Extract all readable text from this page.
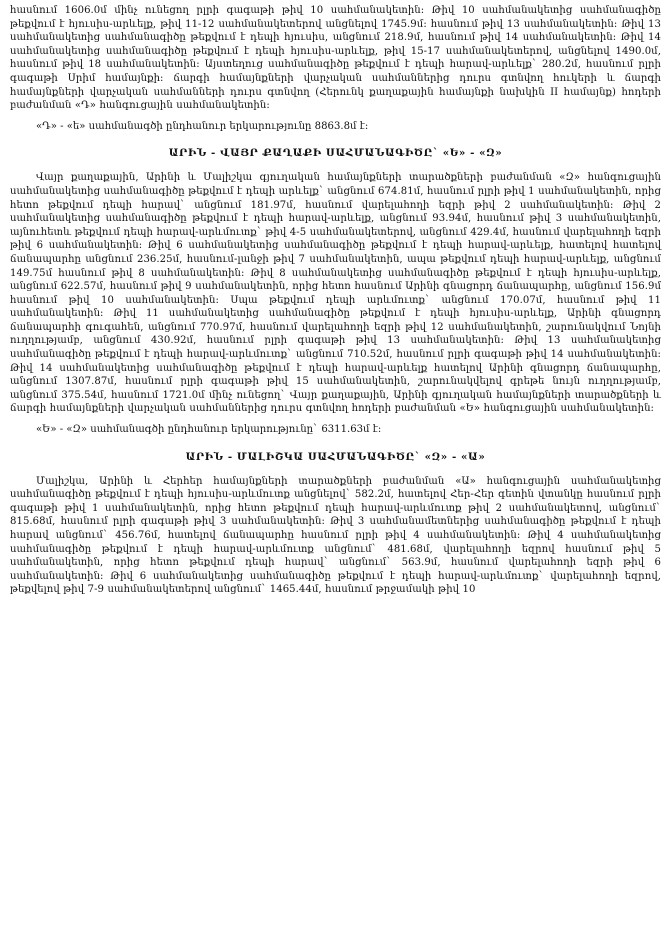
հասնում 1606.0մ մինչ ունեցող րլրի գագաթի թիվ 10 սահմանակետին: Թիվ 10 սահմանակետից սահմանագիծը թեքվում է հյուսիս-արևելք, թիվ 11-12 սահմանակետերով անցնելով 1745.9մ: հասնում թիվ 13 սահմանակետին: Թիվ 13 սահմանակետից սահմանագիծը թեքվում է դեպի հյուսիս, անցնում 218.9մ, հասնում թիվ 14 սահմանակետին: Թիվ 14 սահմանակետից սահմանագիծը թեքվում է դեպի հյուսիս-արևելք, թիվ 15-17 սահմանակետերով, անցնելով 1490.0մ, հասնում թիվ 18 սահմանակետին: Այստեղուց սահմանագիծը թեքվում է դեպի հարավ-արևելք` 280.2մ, հասնում րլրի գագաթի Սրիմ համայնքի: ճարգի համայնքների վարչական սահմաններից դուրս գտնվող հուկերի և ճարգի համայնքների վարչական սահմանների դուրս գտնվող (Հերունկ քաղաքային համայնքի նախկին II համայնք) հոդերի բաժանման «Դ» հանգուցային սահմանակետին:

«Դ» - «ե» սահմանագծի ընդհանուր երկարությունը 8863.8մ է:

ԱՐԻՆ - ՎԱՅՐ ՔԱՂԱՔԻ ՍԱՀՄԱՆԱԳԻԾԸ` «Ե» - «Զ»

Վայր քաղաքային, Արինի և Մալիշկա գյուղական համայնքների տարածքների բաժանման «Զ» հանգուցային սահմանակետից սահմանագիծը թեքվում է դեպի արևելք` անցնում 674.81մ, հասնում րլրի թիվ 1 սահմանակետին, որից հետո թեքվում դեպի հարավ` անցնում 181.97մ, հասնում վարելահողի եզրի թիվ 2 սահմանակետին: Թիվ 2 սահմանակետից սահմանագիծը թեքվում է դեպի հարավ-արևելք, անցնում 93.94մ, հասնում թիվ 3 սահմանակետին, այնուհետև թեքվում դեպի հարավ-արևմուտք` թիվ 4-5 սահմանակետերով, անցնում 429.4մ, հասնում վարելահողի եզրի թիվ 6 սահմանակետին: Թիվ 6 սահմանակետից սահմանագիծը թեքվում է դեպի հարավ-արևելք, հատելով հատելով ճանապարհը անցնում 236.25մ, հասնում-լանջի թիվ 7 սահմանակետին, ապա թեքվում դեպի հարավ-արևելք, անցնում 149.75մ հասնում թիվ 8 սահմանակետին: Թիվ 8 սահմանակետից սահմանագիծը թեքվում է դեպի հյուսիս-արևելք, անցնում 622.57մ, հասնում թիվ 9 սահմանակետին, որից հետո հասնում Արինի գնացորդ ճանապարհը, անցնում 156.9մ հասնում թիվ 10 սահմանակետին: Սպա թեքվում դեպի արևմուտք` անցնում 170.07մ, հասնում թիվ 11 սահմանակետին: Թիվ 11 սահմանակետից սահմանագիծը թեքվում է դեպի հյուսիս-արևելք, Արինի գնացորդ ճանապարհի գուգահեն, անցնում 770.97մ, հասնում վարելահողի եզրի թիվ 12 սահմանակետին, շարունակվում Նոյնի ուղղությամբ, անցնում 430.92մ, հասնում րլրի գագաթի թիվ 13 սահմանակետին: Թիվ 13 սահմանակետից սահմանագիծը թեքվում է դեպի հարավ-արևմուտք` անցնում 710.52մ, հասնում րլրի գագաթի թիվ 14 սահմանակետին: Թիվ 14 սահմանակետից սահմանագիծը թեքվում է դեպի հարավ-արևելք հատելով Արինի գնացորդ ճանապարհը, անցնում 1307.87մ, հասնում րլրի գագաթի թիվ 15 սահմանակետին, շարունակվելով գրեթե նույն ուղղությամբ, անցնում 375.54մ, հասնում 1721.0մ մինչ ունեցող` Վայր քաղաքային, Արինի գյուղական համայնքների տարածքների և ճարգի համայնքների վարչական սահմաններից դուրս գտնվող հոդերի բաժանման «Ե» հանգուցային սահմանակետին:

«Ե» - «Զ» սահմանագծի ընդհանուր երկարությունը` 6311.63մ է:

ԱՐԻՆ - ՄԱԼԻՇԿԱ ՍԱՀՄԱՆԱԳԻԾԸ` «Զ» - «Ա»

Մալիշկա, Արինի և Հերհեր համայնքների տարածքների բաժանման «Ա» հանգուցային սահմանակետից սահմանագիծը թեքվում է դեպի հյուսիս-արևմուտք անցնելով` 582.2մ, հատելով Հեր-Հեր գետին վտանկը հասնում րլրի գագաթի թիվ 1 սահմանակետին, որից հետո թեքվում դեպի հարավ-արևմուտք թիվ 2 սահմանակետով, անցնում` 815.68մ, հասնում րլրի գագաթի թիվ 3 սահմանակետին: Թիվ 3 սահմանամետներից սահմանագիծը թեքվում է դեպի հարավ անցնում` 456.76մ, հատելով ճանապարհը հասնում րլրի թիվ 4 սահմանակետին: Թիվ 4 սահմանակետից սահմանագիծը թեքվում է դեպի հարավ-արևմուտք անցնում` 481.68մ, վարելահողի եզրով հասնում թիվ 5 սահմանակետին, որից հետո թեքվում դեպի հարավ` անցնում` 563.9մ, հասնում վարելահողի եզրի թիվ 6 սահմանակետին: Թիվ 6 սահմանակետից սահմանագիծը թեքվում է դեպի հարավ-արևմուտք` վարելահողի եզրով, թեքվելով թիվ 7-9 սահմանակետերով անցնում` 1465.44մ, հասնում թրջամակի թիվ 10
